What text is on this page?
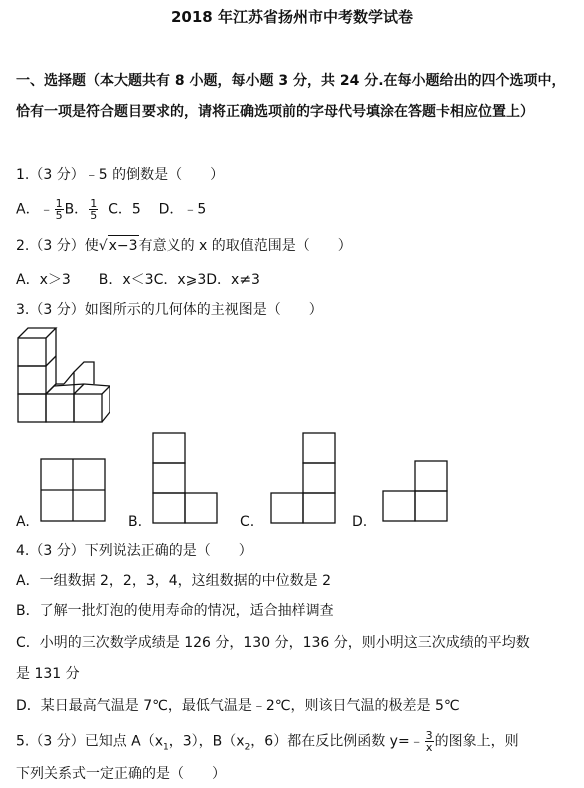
2018 年江苏省扬州市中考数学试卷
一、选择题（本大题共有 8 小题，每小题 3 分，共 24 分.在每小题给出的四个选项中，恰有一项是符合题目要求的，请将正确选项前的字母代号填涂在答题卡相应位置上）
1.（3 分）﹣5 的倒数是（　　）
A．﹣ $\frac{1}{5}$ B． $\frac{1}{5}$ C．5 D．﹣5
2.（3 分）使√x−3有意义的 x 的取值范围是（　　）
A．x＞3　　B．x＜3C．x⩾3D．x≠3
3.（3 分）如图所示的几何体的主视图是（　　）
A.	B.	C.	D.
4.（3 分）下列说法正确的是（　　）
A．一组数据 2，2，3，4，这组数据的中位数是 2
B．了解一批灯泡的使用寿命的情况，适合抽样调查
C．小明的三次数学成绩是 126 分，130 分，136 分，则小明这三次成绩的平均数
是 131 分
D．某日最高气温是 7℃，最低气温是﹣2℃，则该日气温的极差是 5℃
5.（3 分）已知点 $A(x_1$，3），$B(x_2$，6）都在反比例函数 y=﹣ $\frac{3}{x}$ 的图象上，则
下列关系式一定正确的是（　　）
